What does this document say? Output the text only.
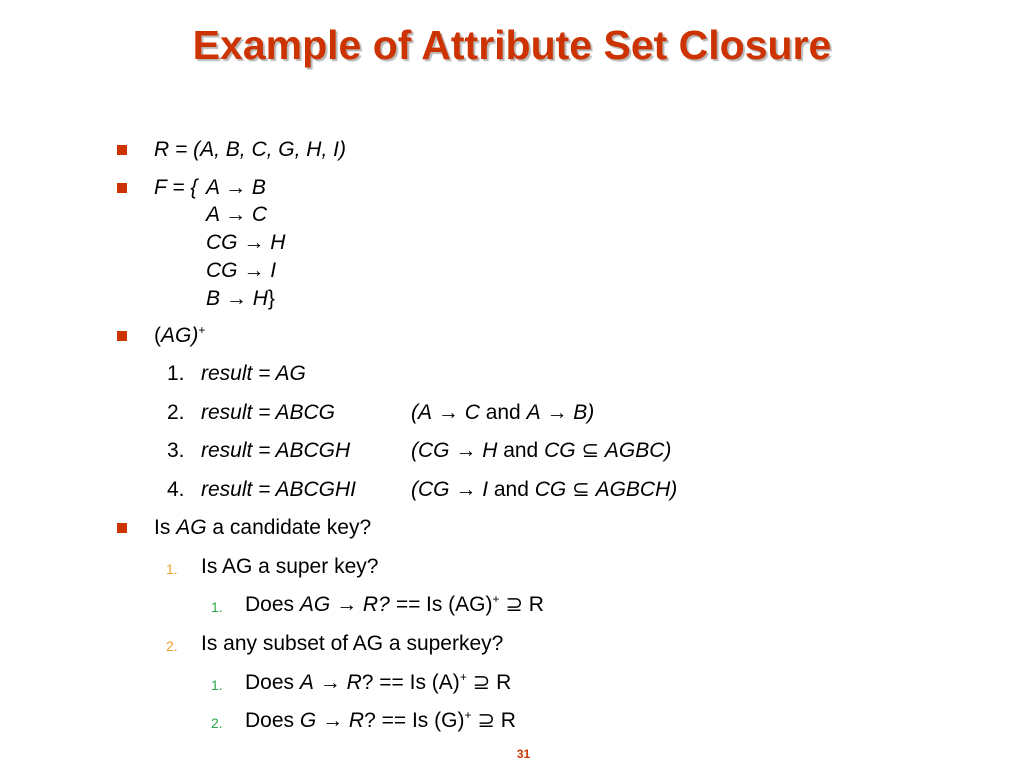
Example of Attribute Set Closure
R = (A, B, C, G, H, I)
F = { A → B
A → C
CG → H
CG → I
B → H}
(AG)+
1. result = AG
2. result = ABCG	(A → C and A → B)
3. result = ABCGH	(CG → H and CG ⊆ AGBC)
4. result = ABCGHI	(CG → I and CG ⊆ AGBCH)
Is AG a candidate key?
1. Is AG a super key?
1. Does AG → R? == Is (AG)+ ⊇ R
2. Is any subset of AG a superkey?
1. Does A → R? == Is (A)+ ⊇ R
2. Does G → R? == Is (G)+ ⊇ R
31
